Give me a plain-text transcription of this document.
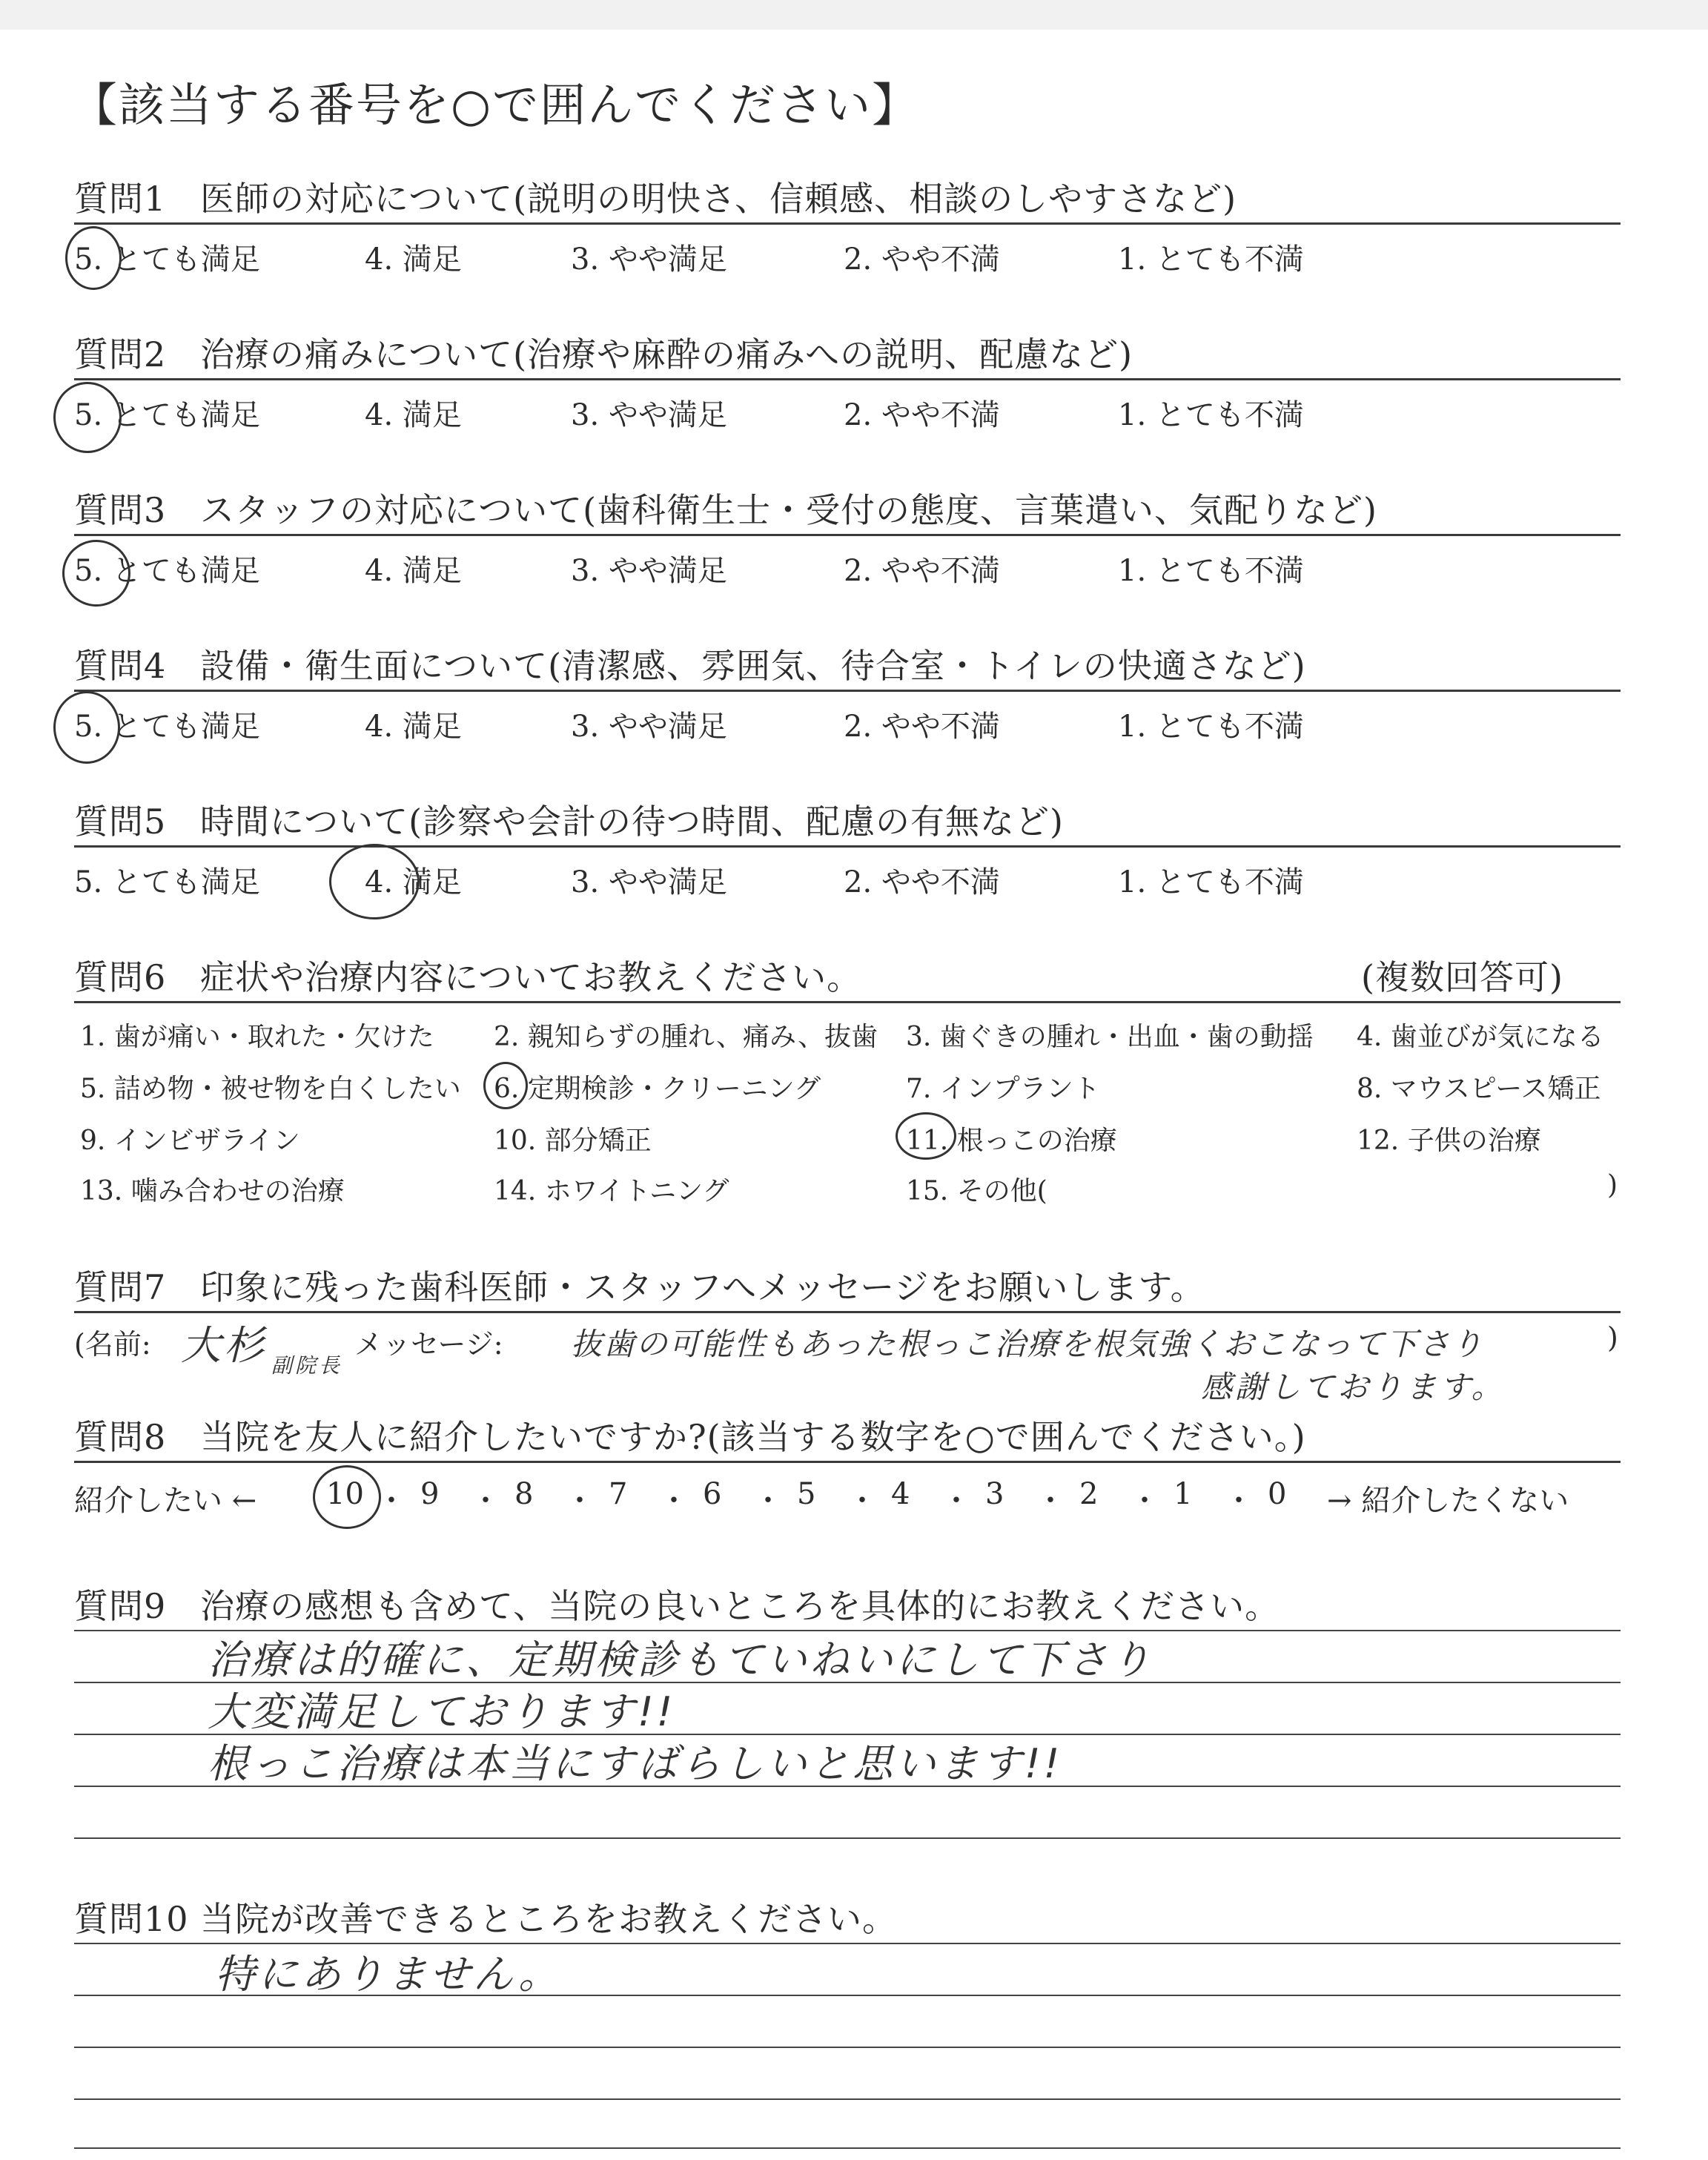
【該当する番号を○で囲んでください】
質問1 医師の対応について(説明の明快さ、信頼感、相談のしやすさなど)
5. とても満足	4. 満足	3. やや満足	2. やや不満	1. とても不満
質問2 治療の痛みについて(治療や麻酔の痛みへの説明、配慮など)
5. とても満足	4. 満足	3. やや満足	2. やや不満	1. とても不満
質問3 スタッフの対応について(歯科衛生士・受付の態度、言葉遣い、気配りなど)
5. とても満足	4. 満足	3. やや満足	2. やや不満	1. とても不満
質問4 設備・衛生面について(清潔感、雰囲気、待合室・トイレの快適さなど)
5. とても満足	4. 満足	3. やや満足	2. やや不満	1. とても不満
質問5 時間について(診察や会計の待つ時間、配慮の有無など)
5. とても満足	4. 満足	3. やや満足	2. やや不満	1. とても不満
質問6 症状や治療内容についてお教えください。	(複数回答可)
1. 歯が痛い・取れた・欠けた 2. 親知らずの腫れ、痛み、抜歯 3. 歯ぐきの腫れ・出血・歯の動揺 4. 歯並びが気になる
5. 詰め物・被せ物を白くしたい 6. 定期検診・クリーニング	7. インプラント	8. マウスピース矯正
9. インビザライン	10. 部分矯正	11. 根っこの治療	12. 子供の治療
13. 噛み合わせの治療	14. ホワイトニング	15. その他(	)
質問7 印象に残った歯科医師・スタッフへメッセージをお願いします。
(名前: 大杉 副院長
メッセージ: 抜歯の可能性もあった根っこ治療を根気強くおこなって下さり
感謝しております。
)
質問8 当院を友人に紹介したいですか?(該当する数字を○で囲んでください。)
紹介したい ← 10 ・ 9 ・ 8 ・ 7 ・ 6 ・ 5 ・ 4 ・ 3 ・ 2 ・ 1 ・ 0 → 紹介したくない
質問9 治療の感想も含めて、当院の良いところを具体的にお教えください。
治療は的確に、定期検診もていねいにして下さり
大変満足しております!!
根っこ治療は本当にすばらしいと思います!!
質問10 当院が改善できるところをお教えください。
特にありません。
